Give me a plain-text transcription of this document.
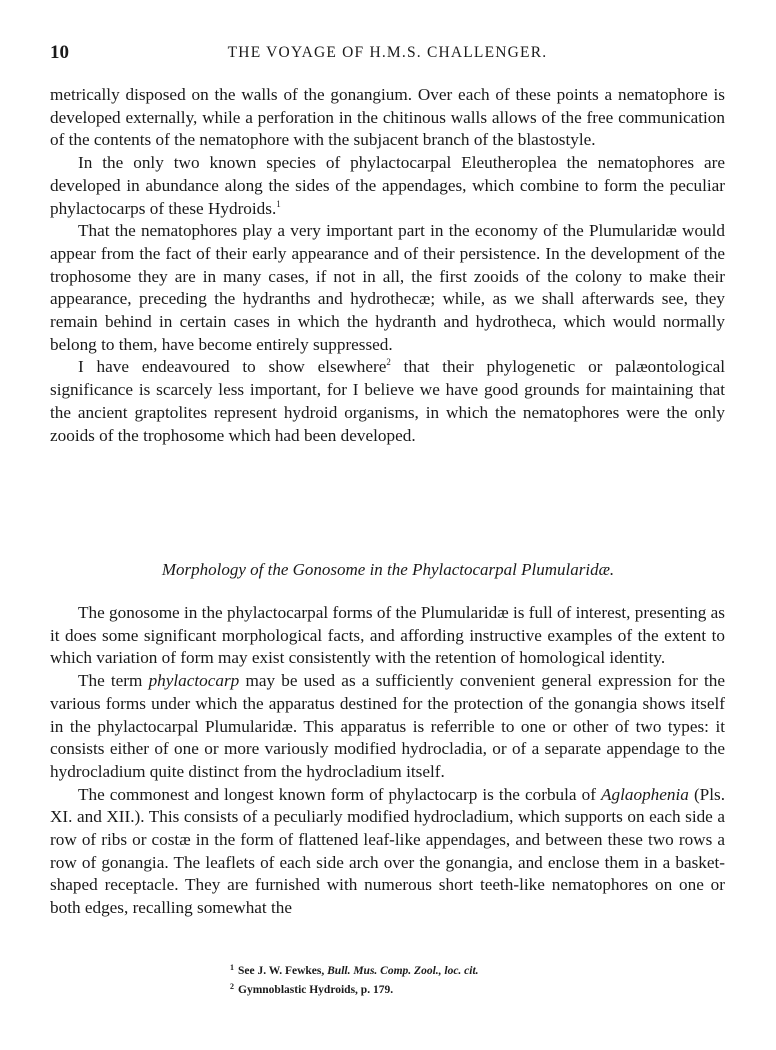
10	THE VOYAGE OF H.M.S. CHALLENGER.

metrically disposed on the walls of the gonangium. Over each of these points a nematophore is developed externally, while a perforation in the chitinous walls allows of the free communication of the contents of the nematophore with the subjacent branch of the blastostyle.

In the only two known species of phylactocarpal Eleutheroplea the nematophores are developed in abundance along the sides of the appendages, which combine to form the peculiar phylactocarps of these Hydroids.$^1$

That the nematophores play a very important part in the economy of the Plumularidæ would appear from the fact of their early appearance and of their persistence. In the development of the trophosome they are in many cases, if not in all, the first zooids of the colony to make their appearance, preceding the hydranths and hydrothecæ; while, as we shall afterwards see, they remain behind in certain cases in which the hydranth and hydrotheca, which would normally belong to them, have become entirely suppressed.

I have endeavoured to show elsewhere$^2$ that their phylogenetic or palæontological significance is scarcely less important, for I believe we have good grounds for maintaining that the ancient graptolites represent hydroid organisms, in which the nematophores were the only zooids of the trophosome which had been developed.

Morphology of the Gonosome in the Phylactocarpal Plumularidæ.

The gonosome in the phylactocarpal forms of the Plumularidæ is full of interest, presenting as it does some significant morphological facts, and affording instructive examples of the extent to which variation of form may exist consistently with the retention of homological identity.

The term phylactocarp may be used as a sufficiently convenient general expression for the various forms under which the apparatus destined for the protection of the gonangia shows itself in the phylactocarpal Plumularidæ. This apparatus is referrible to one or other of two types: it consists either of one or more variously modified hydrocladia, or of a separate appendage to the hydrocladium quite distinct from the hydrocladium itself.

The commonest and longest known form of phylactocarp is the corbula of Aglaophenia (Pls. XI. and XII.). This consists of a peculiarly modified hydrocladium, which supports on each side a row of ribs or costæ in the form of flattened leaf-like appendages, and between these two rows a row of gonangia. The leaflets of each side arch over the gonangia, and enclose them in a basket-shaped receptacle. They are furnished with numerous short teeth-like nematophores on one or both edges, recalling somewhat the

$^1$ See J. W. Fewkes, Bull. Mus. Comp. Zool., loc. cit.
$^2$ Gymnoblastic Hydroids, p. 179.
